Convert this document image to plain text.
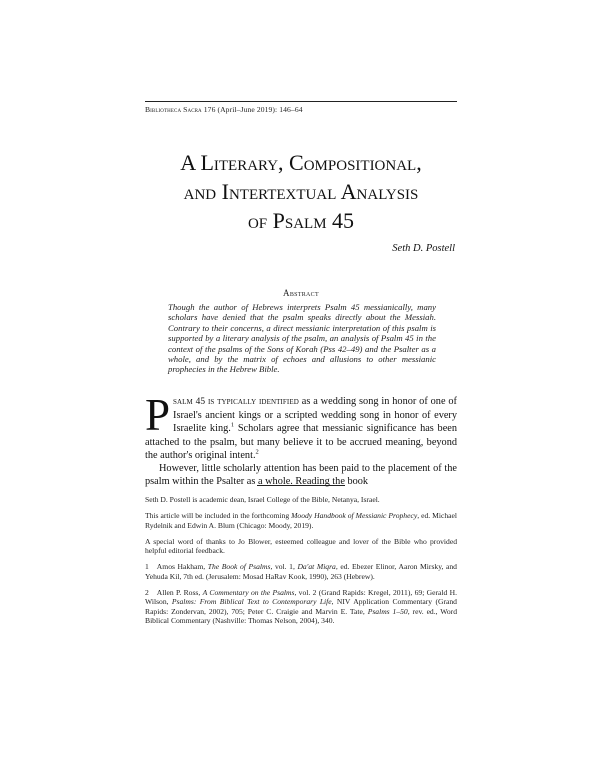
Bibliotheca Sacra 176 (April–June 2019): 146–64
A Literary, Compositional,
and Intertextual Analysis
of Psalm 45
Seth D. Postell
Abstract

Though the author of Hebrews interprets Psalm 45 messianically, many scholars have denied that the psalm speaks directly about the Messiah. Contrary to their concerns, a direct messianic interpretation of this psalm is supported by a literary analysis of the psalm, an analysis of Psalm 45 in the context of the psalms of the Sons of Korah (Pss 42–49) and the Psalter as a whole, and by the matrix of echoes and allusions to other messianic prophecies in the Hebrew Bible.

Psalm 45 is typically identified as a wedding song in honor of one of Israel's ancient kings or a scripted wedding song in honor of every Israelite king.$^1$ Scholars agree that messianic significance has been attached to the psalm, but many believe it to be accrued meaning, beyond the author's original intent.$^2$

However, little scholarly attention has been paid to the placement of the psalm within the Psalter as a whole. Reading the book

Seth D. Postell is academic dean, Israel College of the Bible, Netanya, Israel.

This article will be included in the forthcoming Moody Handbook of Messianic Prophecy, ed. Michael Rydelnik and Edwin A. Blum (Chicago: Moody, 2019).

A special word of thanks to Jo Blower, esteemed colleague and lover of the Bible who provided helpful editorial feedback.

1 Amos Hakham, The Book of Psalms, vol. 1, Da'at Miqra, ed. Ebezer Elinor, Aaron Mirsky, and Yehuda Kil, 7th ed. (Jerusalem: Mosad HaRav Kook, 1990), 263 (Hebrew).

2 Allen P. Ross, A Commentary on the Psalms, vol. 2 (Grand Rapids: Kregel, 2011), 69; Gerald H. Wilson, Psalms: From Biblical Text to Contemporary Life, NIV Application Commentary (Grand Rapids: Zondervan, 2002), 705; Peter C. Craigie and Marvin E. Tate, Psalms 1–50, rev. ed., Word Biblical Commentary (Nashville: Thomas Nelson, 2004), 340.
